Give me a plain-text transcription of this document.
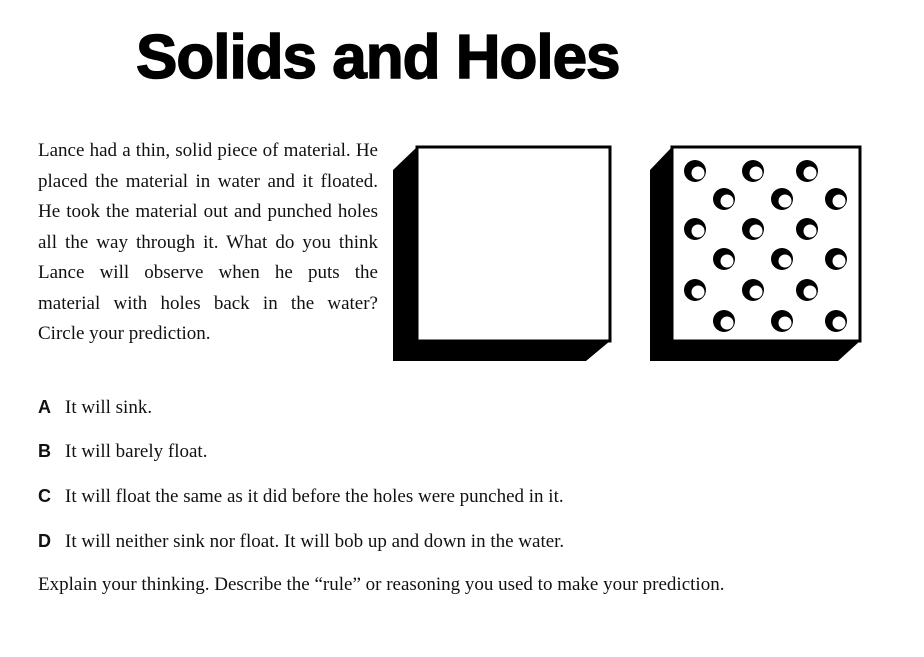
Solids and Holes

Lance had a thin, solid piece of material. He placed the material in water and it floated. He took the material out and punched holes all the way through it. What do you think Lance will observe when he puts the material with holes back in the water? Circle your prediction.

A It will sink.

B It will barely float.

C It will float the same as it did before the holes were punched in it.

D It will neither sink nor float. It will bob up and down in the water.

Explain your thinking. Describe the “rule” or reasoning you used to make your prediction.
